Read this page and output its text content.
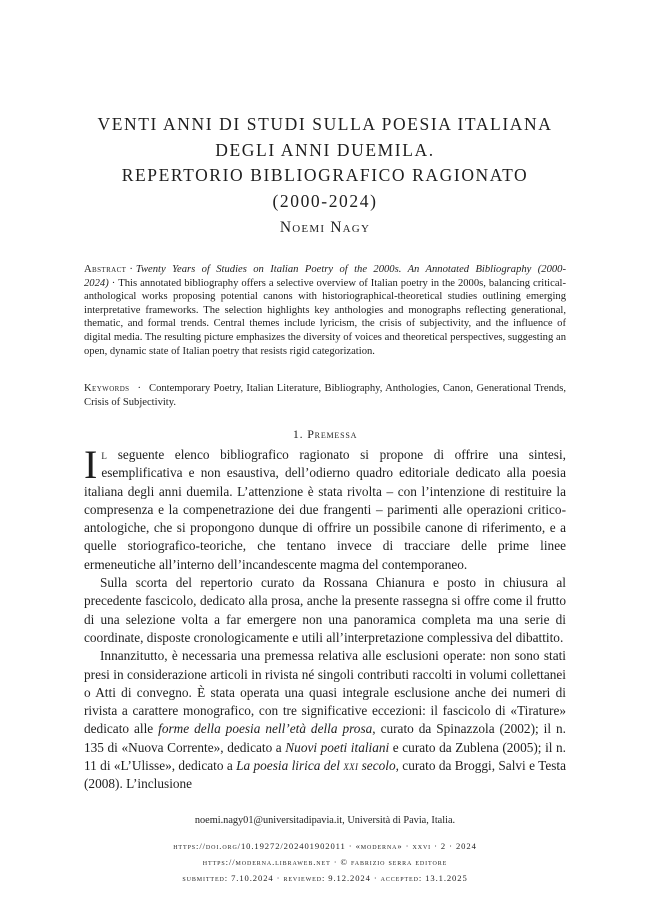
VENTI ANNI DI STUDI SULLA POESIA ITALIANA
DEGLI ANNI DUEMILA.
REPERTORIO BIBLIOGRAFICO RAGIONATO
(2000-2024)
Noemi Nagy
Abstract · Twenty Years of Studies on Italian Poetry of the 2000s. An Annotated Bibliography (2000-2024) · This annotated bibliography offers a selective overview of Italian poetry in the 2000s, balancing critical-anthological works proposing potential canons with historiographical-theoretical studies outlining emerging interpretative frameworks. The selection highlights key anthologies and monographs reflecting generational, thematic, and formal trends. Central themes include lyricism, the crisis of subjectivity, and the influence of digital media. The resulting picture emphasizes the diversity of voices and theoretical perspectives, suggesting an open, dynamic state of Italian poetry that resists rigid categorization.
Keywords · Contemporary Poetry, Italian Literature, Bibliography, Anthologies, Canon, Generational Trends, Crisis of Subjectivity.
1. Premessa

Il seguente elenco bibliografico ragionato si propone di offrire una sintesi, esemplificativa e non esaustiva, dell’odierno quadro editoriale dedicato alla poesia italiana degli anni duemila. L’attenzione è stata rivolta – con l’intenzione di restituire la compresenza e la compenetrazione dei due frangenti – parimenti alle operazioni critico-antologiche, che si propongono dunque di offrire un possibile canone di riferimento, e a quelle storiografico-teoriche, che tentano invece di tracciare delle prime linee ermeneutiche all’interno dell’incandescente magma del contemporaneo.

Sulla scorta del repertorio curato da Rossana Chianura e posto in chiusura al precedente fascicolo, dedicato alla prosa, anche la presente rassegna si offre come il frutto di una selezione volta a far emergere non una panoramica completa ma una serie di coordinate, disposte cronologicamente e utili all’interpretazione complessiva del dibattito.

Innanzitutto, è necessaria una premessa relativa alle esclusioni operate: non sono stati presi in considerazione articoli in rivista né singoli contributi raccolti in volumi collettanei o Atti di convegno. È stata operata una quasi integrale esclusione anche dei numeri di rivista a carattere monografico, con tre significative eccezioni: il fascicolo di «Tirature» dedicato alle forme della poesia nell’età della prosa, curato da Spinazzola (2002); il n. 135 di «Nuova Corrente», dedicato a Nuovi poeti italiani e curato da Zublena (2005); il n. 11 di «L’Ulisse», dedicato a La poesia lirica del xxi secolo, curato da Broggi, Salvi e Testa (2008). L’inclusione

noemi.nagy01@universitadipavia.it, Università di Pavia, Italia.
https://doi.org/10.19272/202401902011 · «moderna» · xxvi · 2 · 2024
https://moderna.libraweb.net · © fabrizio serra editore
submitted: 7.10.2024 · reviewed: 9.12.2024 · accepted: 13.1.2025
